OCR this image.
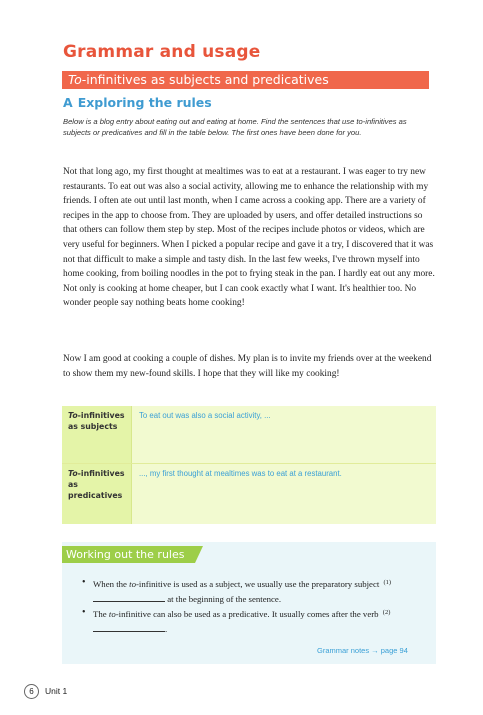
Grammar and usage
To-infinitives as subjects and predicatives
A Exploring the rules
Below is a blog entry about eating out and eating at home. Find the sentences that use to-infinitives as subjects or predicatives and fill in the table below. The first ones have been done for you.

Not that long ago, my first thought at mealtimes was to eat at a restaurant. I was eager to try new restaurants. To eat out was also a social activity, allowing me to enhance the relationship with my friends. I often ate out until last month, when I came across a cooking app. There are a variety of recipes in the app to choose from. They are uploaded by users, and offer detailed instructions so that others can follow them step by step. Most of the recipes include photos or videos, which are very useful for beginners. When I picked a popular recipe and gave it a try, I discovered that it was not that difficult to make a simple and tasty dish. In the last few weeks, I've thrown myself into home cooking, from boiling noodles in the pot to frying steak in the pan. I hardly eat out any more. Not only is cooking at home cheaper, but I can cook exactly what I want. It's healthier too. No wonder people say nothing beats home cooking!

Now I am good at cooking a couple of dishes. My plan is to invite my friends over at the weekend to show them my new-found skills. I hope that they will like my cooking!

To-infinitives as subjects
To eat out was also a social activity, ...
To-infinitives as predicatives
..., my first thought at mealtimes was to eat at a restaurant.
Working out the rules
• When the to-infinitive is used as a subject, we usually use the preparatory subject $^{(1)}$ at the beginning of the sentence.
• The to-infinitive can also be used as a predicative. It usually comes after the verb $^{(2)}$.
Grammar notes → page 94
6	Unit 1
